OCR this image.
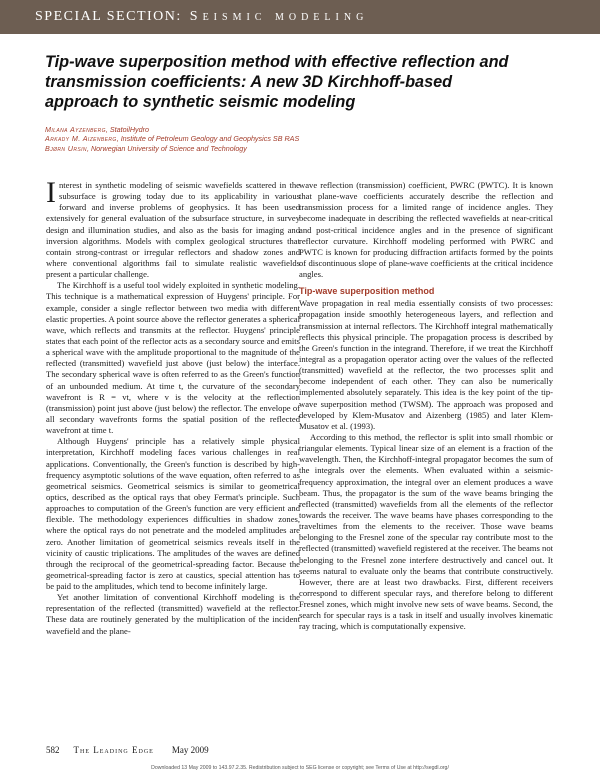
SPECIAL SECTION: Seismic modeling
Tip-wave superposition method with effective reflection and transmission coefficients: A new 3D Kirchhoff-based approach to synthetic seismic modeling
Milana Ayzenberg, StatoilHydro
Arkady M. Aizenberg, Institute of Petroleum Geology and Geophysics SB RAS
Bjørn Ursin, Norwegian University of Science and Technology

Interest in synthetic modeling of seismic wavefields scattered in the subsurface is growing today due to its applicability in various forward and inverse problems of geophysics. It has been used extensively for general evaluation of the subsurface structure, in survey design and illumination studies, and also as the basis for imaging and inversion algorithms. Models with complex geological structures that contain strong-contrast or irregular reflectors and shadow zones and where conventional algorithms fail to simulate realistic wavefields present a particular challenge.

The Kirchhoff is a useful tool widely exploited in synthetic modeling. This technique is a mathematical expression of Huygens' principle. For example, consider a single reflector between two media with different elastic properties. A point source above the reflector generates a spherical wave, which reflects and transmits at the reflector. Huygens' principle states that each point of the reflector acts as a secondary source and emits a spherical wave with the amplitude proportional to the magnitude of the reflected (transmitted) wavefield just above (just below) the interface. The secondary spherical wave is often referred to as the Green's function of an unbounded medium. At time t, the curvature of the secondary wavefront is R = vt, where v is the velocity at the reflection (transmission) point just above (just below) the reflector. The envelope of all secondary wavefronts forms the spatial position of the reflected wavefront at time t.

Although Huygens' principle has a relatively simple physical interpretation, Kirchhoff modeling faces various challenges in real applications. Conventionally, the Green's function is described by high-frequency asymptotic solutions of the wave equation, often referred to as geometrical seismics. Geometrical seismics is similar to geometrical optics, described as the optical rays that obey Fermat's principle. Such approaches to computation of the Green's function are very efficient and flexible. The methodology experiences difficulties in shadow zones, where the optical rays do not penetrate and the modeled amplitudes are zero. Another limitation of geometrical seismics reveals itself in the vicinity of caustic triplications. The amplitudes of the waves are defined through the reciprocal of the geometrical-spreading factor. Because the geometrical-spreading factor is zero at caustics, special attention has to be paid to the amplitudes, which tend to become infinitely large.

Yet another limitation of conventional Kirchhoff modeling is the representation of the reflected (transmitted) wavefield at the reflector. These data are routinely generated by the multiplication of the incident wavefield and the plane-

wave reflection (transmission) coefficient, PWRC (PWTC). It is known that plane-wave coefficients accurately describe the reflection and transmission process for a limited range of incidence angles. They become inadequate in describing the reflected wavefields at near-critical and post-critical incidence angles and in the presence of significant reflector curvature. Kirchhoff modeling performed with PWRC and PWTC is known for producing diffraction artifacts formed by the points of discontinuous slope of plane-wave coefficients at the critical incidence angles.

Tip-wave superposition method

Wave propagation in real media essentially consists of two processes: propagation inside smoothly heterogeneous layers, and reflection and transmission at internal reflectors. The Kirchhoff integral mathematically reflects this physical principle. The propagation process is described by the Green's function in the integrand. Therefore, if we treat the Kirchhoff integral as a propagation operator acting over the values of the reflected (transmitted) wavefield at the reflector, the two processes split and become independent of each other. They can also be numerically implemented absolutely separately. This idea is the key point of the tip-wave superposition method (TWSM). The approach was proposed and developed by Klem-Musatov and Aizenberg (1985) and later Klem-Musatov et al. (1993).

According to this method, the reflector is split into small rhombic or triangular elements. Typical linear size of an element is a fraction of the wavelength. Then, the Kirchhoff-integral propagator becomes the sum of the integrals over the elements. When evaluated within a seismic-frequency approximation, the integral over an element produces a wave beam. Thus, the propagator is the sum of the wave beams bringing the reflected (transmitted) wavefields from all the elements of the reflector towards the receiver. The wave beams have phases corresponding to the traveltimes from the elements to the receiver. Those wave beams belonging to the Fresnel zone of the specular ray contribute most to the reflected (transmitted) wavefield registered at the receiver. The beams not belonging to the Fresnel zone interfere destructively and cancel out. It seems natural to evaluate only the beams that contribute constructively. However, there are at least two drawbacks. First, different receivers correspond to different specular rays, and therefore belong to different Fresnel zones, which might involve new sets of wave beams. Second, the search for specular rays is a task in itself and usually involves kinematic ray tracing, which is computationally expensive.

582 The Leading Edge May 2009
Downloaded 13 May 2009 to 143.97.2.35. Redistribution subject to SEG license or copyright; see Terms of Use at http://segdl.org/
